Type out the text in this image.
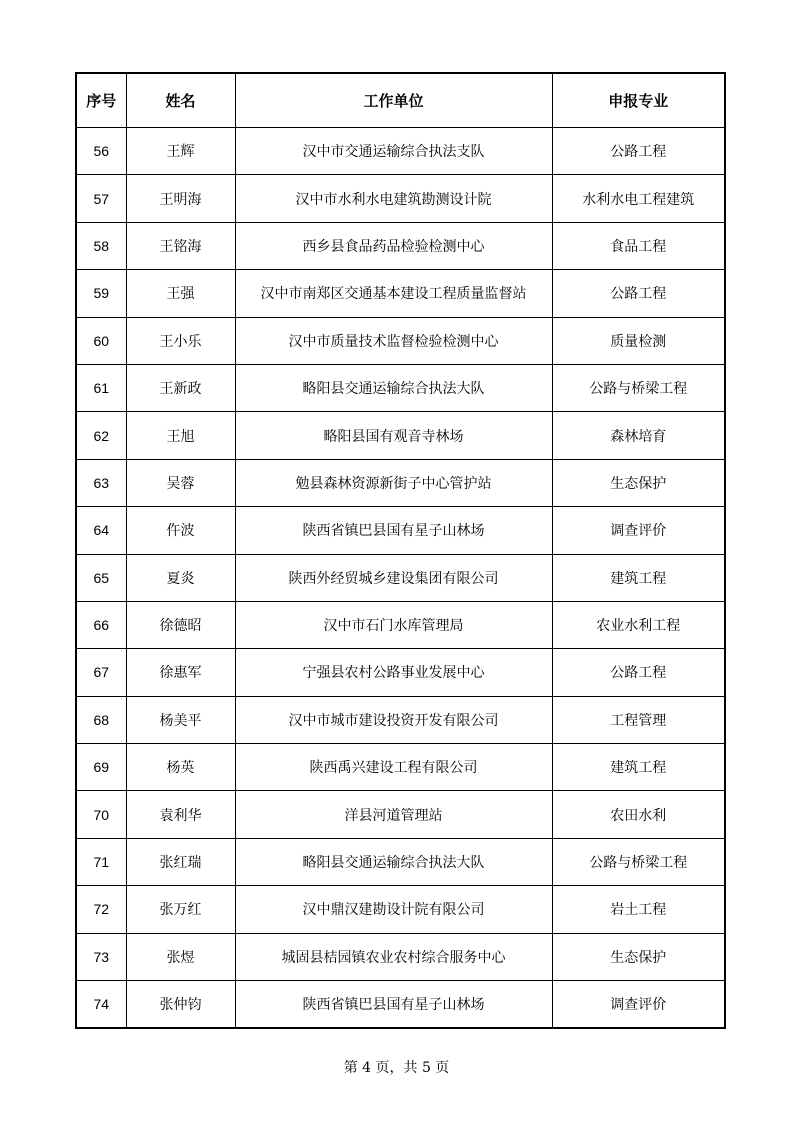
序号	姓名	工作单位	申报专业
56	王辉	汉中市交通运输综合执法支队	公路工程
57	王明海	汉中市水利水电建筑勘测设计院	水利水电工程建筑
58	王铭海	西乡县食品药品检验检测中心	食品工程
59	王强	汉中市南郑区交通基本建设工程质量监督站	公路工程
60	王小乐	汉中市质量技术监督检验检测中心	质量检测
61	王新政	略阳县交通运输综合执法大队	公路与桥梁工程
62	王旭	略阳县国有观音寺林场	森林培育
63	吴蓉	勉县森林资源新街子中心管护站	生态保护
64	仵波	陕西省镇巴县国有星子山林场	调查评价
65	夏炎	陕西外经贸城乡建设集团有限公司	建筑工程
66	徐德昭	汉中市石门水库管理局	农业水利工程
67	徐惠军	宁强县农村公路事业发展中心	公路工程
68	杨美平	汉中市城市建设投资开发有限公司	工程管理
69	杨英	陕西禹兴建设工程有限公司	建筑工程
70	袁利华	洋县河道管理站	农田水利
71	张红瑞	略阳县交通运输综合执法大队	公路与桥梁工程
72	张万红	汉中鼎汉建勘设计院有限公司	岩土工程
73	张煜	城固县桔园镇农业农村综合服务中心	生态保护
74	张仲钧	陕西省镇巴县国有星子山林场	调查评价
第 4 页，共 5 页
